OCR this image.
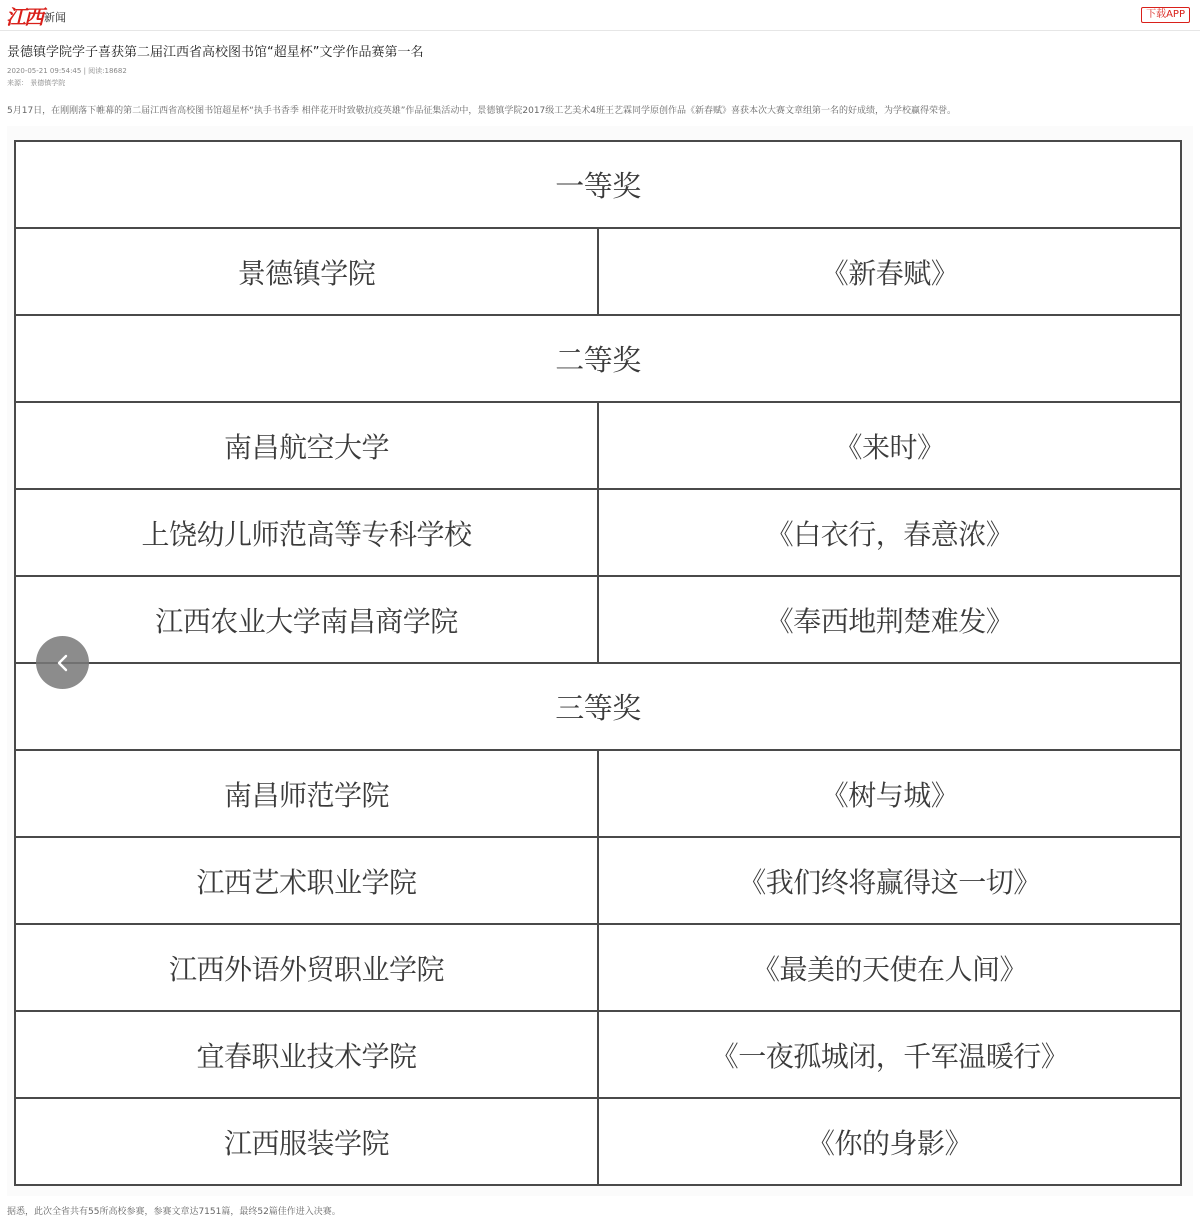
江西 新闻	下载APP
景德镇学院学子喜获第二届江西省高校图书馆“超星杯”文学作品赛第一名
2020-05-21 09:54:45 | 阅读:18682
来源： 景德镇学院
5月17日，在刚刚落下帷幕的第二届江西省高校图书馆超星杯“执手书香季 相伴花开时致敬抗疫英雄”作品征集活动中，景德镇学院2017级工艺美术4班王艺霖同学原创作品《新春赋》喜获本次大赛文章组第一名的好成绩，为学校赢得荣誉。
一等奖	
景德镇学院	《新春赋》
二等奖	
南昌航空大学	《来时》
上饶幼儿师范高等专科学校	《白衣行，春意浓》
江西农业大学南昌商学院	《奉西地荆楚难发》
三等奖	
南昌师范学院	《树与城》
江西艺术职业学院	《我们终将赢得这一切》
江西外语外贸职业学院	《最美的天使在人间》
宜春职业技术学院	《一夜孤城闭，千军温暖行》
江西服装学院	《你的身影》
据悉，此次全省共有55所高校参赛，参赛文章达7151篇，最终52篇佳作进入决赛。
